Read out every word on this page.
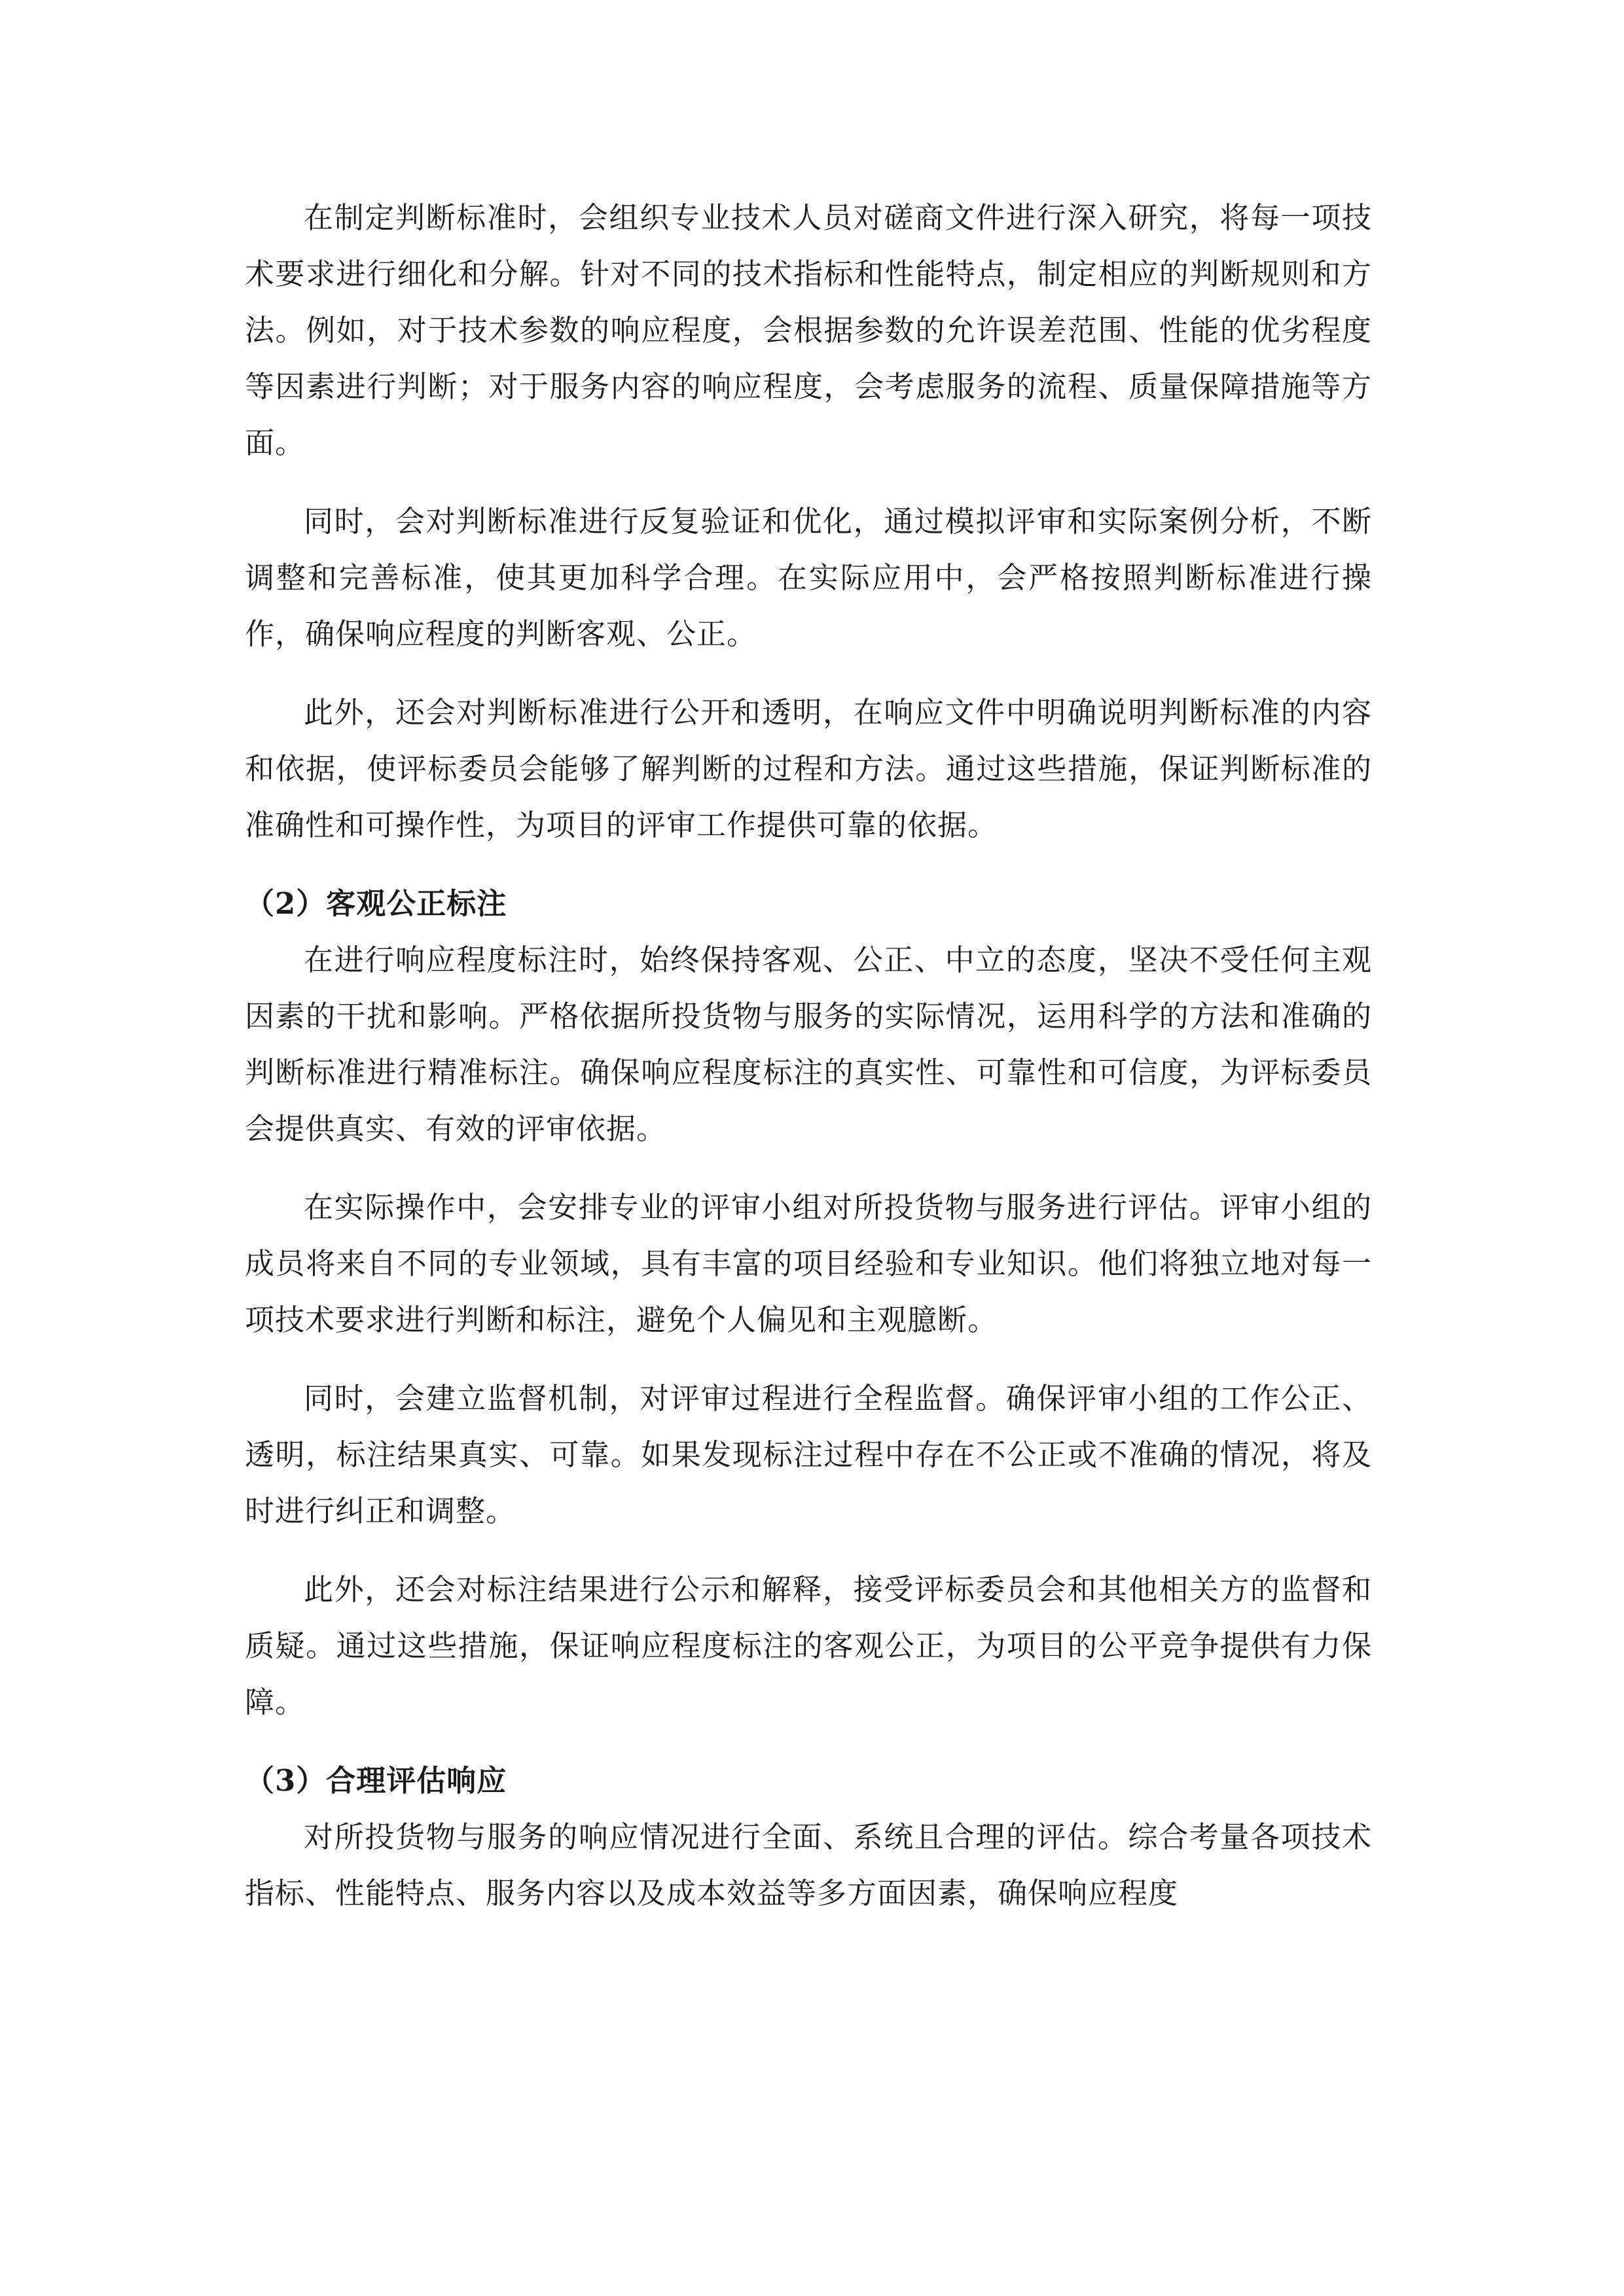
在制定判断标准时，会组织专业技术人员对磋商文件进行深入研究，将每一项技术要求进行细化和分解。针对不同的技术指标和性能特点，制定相应的判断规则和方法。例如，对于技术参数的响应程度，会根据参数的允许误差范围、性能的优劣程度等因素进行判断；对于服务内容的响应程度，会考虑服务的流程、质量保障措施等方面。

同时，会对判断标准进行反复验证和优化，通过模拟评审和实际案例分析，不断调整和完善标准，使其更加科学合理。在实际应用中，会严格按照判断标准进行操作，确保响应程度的判断客观、公正。

此外，还会对判断标准进行公开和透明，在响应文件中明确说明判断标准的内容和依据，使评标委员会能够了解判断的过程和方法。通过这些措施，保证判断标准的准确性和可操作性，为项目的评审工作提供可靠的依据。

（2）客观公正标注

在进行响应程度标注时，始终保持客观、公正、中立的态度，坚决不受任何主观因素的干扰和影响。严格依据所投货物与服务的实际情况，运用科学的方法和准确的判断标准进行精准标注。确保响应程度标注的真实性、可靠性和可信度，为评标委员会提供真实、有效的评审依据。

在实际操作中，会安排专业的评审小组对所投货物与服务进行评估。评审小组的成员将来自不同的专业领域，具有丰富的项目经验和专业知识。他们将独立地对每一项技术要求进行判断和标注，避免个人偏见和主观臆断。

同时，会建立监督机制，对评审过程进行全程监督。确保评审小组的工作公正、透明，标注结果真实、可靠。如果发现标注过程中存在不公正或不准确的情况，将及时进行纠正和调整。

此外，还会对标注结果进行公示和解释，接受评标委员会和其他相关方的监督和质疑。通过这些措施，保证响应程度标注的客观公正，为项目的公平竞争提供有力保障。

（3）合理评估响应

对所投货物与服务的响应情况进行全面、系统且合理的评估。综合考量各项技术指标、性能特点、服务内容以及成本效益等多方面因素，确保响应程度
